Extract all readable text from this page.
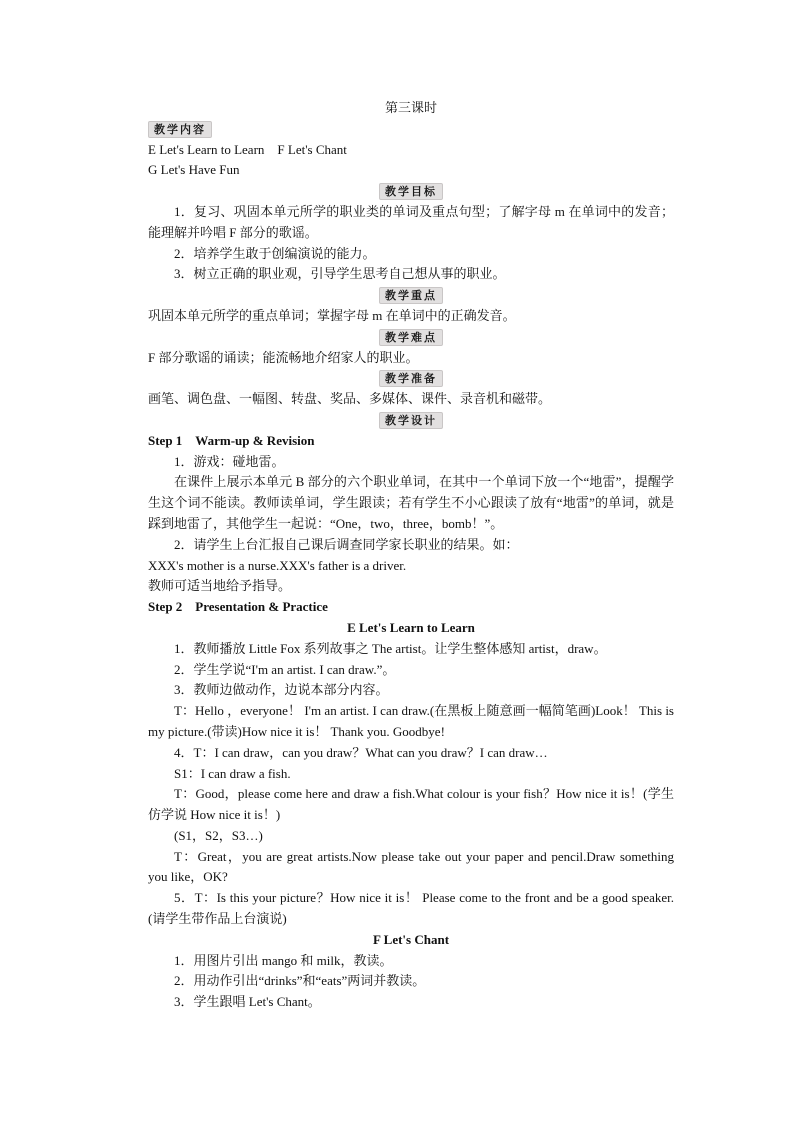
第三课时
教学内容
E Let's Learn to Learn　F Let's Chant
G Let's Have Fun
教学目标
1．复习、巩固本单元所学的职业类的单词及重点句型；了解字母 m 在单词中的发音；能理解并吟唱 F 部分的歌谣。
2．培养学生敢于创编演说的能力。
3．树立正确的职业观，引导学生思考自己想从事的职业。
教学重点
巩固本单元所学的重点单词；掌握字母 m 在单词中的正确发音。
教学难点
F 部分歌谣的诵读；能流畅地介绍家人的职业。
教学准备
画笔、调色盘、一幅图、转盘、奖品、多媒体、课件、录音机和磁带。
教学设计
Step 1　Warm-up & Revision
1．游戏：碰地雷。
在课件上展示本单元 B 部分的六个职业单词，在其中一个单词下放一个“地雷”，提醒学生这个词不能读。教师读单词，学生跟读；若有学生不小心跟读了放有“地雷”的单词，就是踩到地雷了，其他学生一起说：“One，two，three，bomb！”。
2．请学生上台汇报自己课后调查同学家长职业的结果。如：
XXX's mother is a nurse.XXX's father is a driver.
教师可适当地给予指导。
Step 2　Presentation & Practice
E Let's Learn to Learn
1．教师播放 Little Fox 系列故事之 The artist。让学生整体感知 artist，draw。
2．学生学说“I'm an artist. I can draw.”。
3．教师边做动作，边说本部分内容。
T：Hello ，everyone！ I'm an artist. I can draw.(在黑板上随意画一幅简笔画)Look！ This is my picture.(带读)How nice it is！ Thank you. Goodbye!
4．T：I can draw，can you draw？What can you draw？I can draw…
S1：I can draw a fish.
T：Good，please come here and draw a fish.What colour is your fish？How nice it is！(学生仿学说 How nice it is！)
(S1，S2，S3…)
T：Great，you are great artists.Now please take out your paper and pencil.Draw something you like，OK?
5．T：Is this your picture？How nice it is！ Please come to the front and be a good speaker.(请学生带作品上台演说)
F Let's Chant
1．用图片引出 mango 和 milk，教读。
2．用动作引出“drinks”和“eats”两词并教读。
3．学生跟唱 Let's Chant。
